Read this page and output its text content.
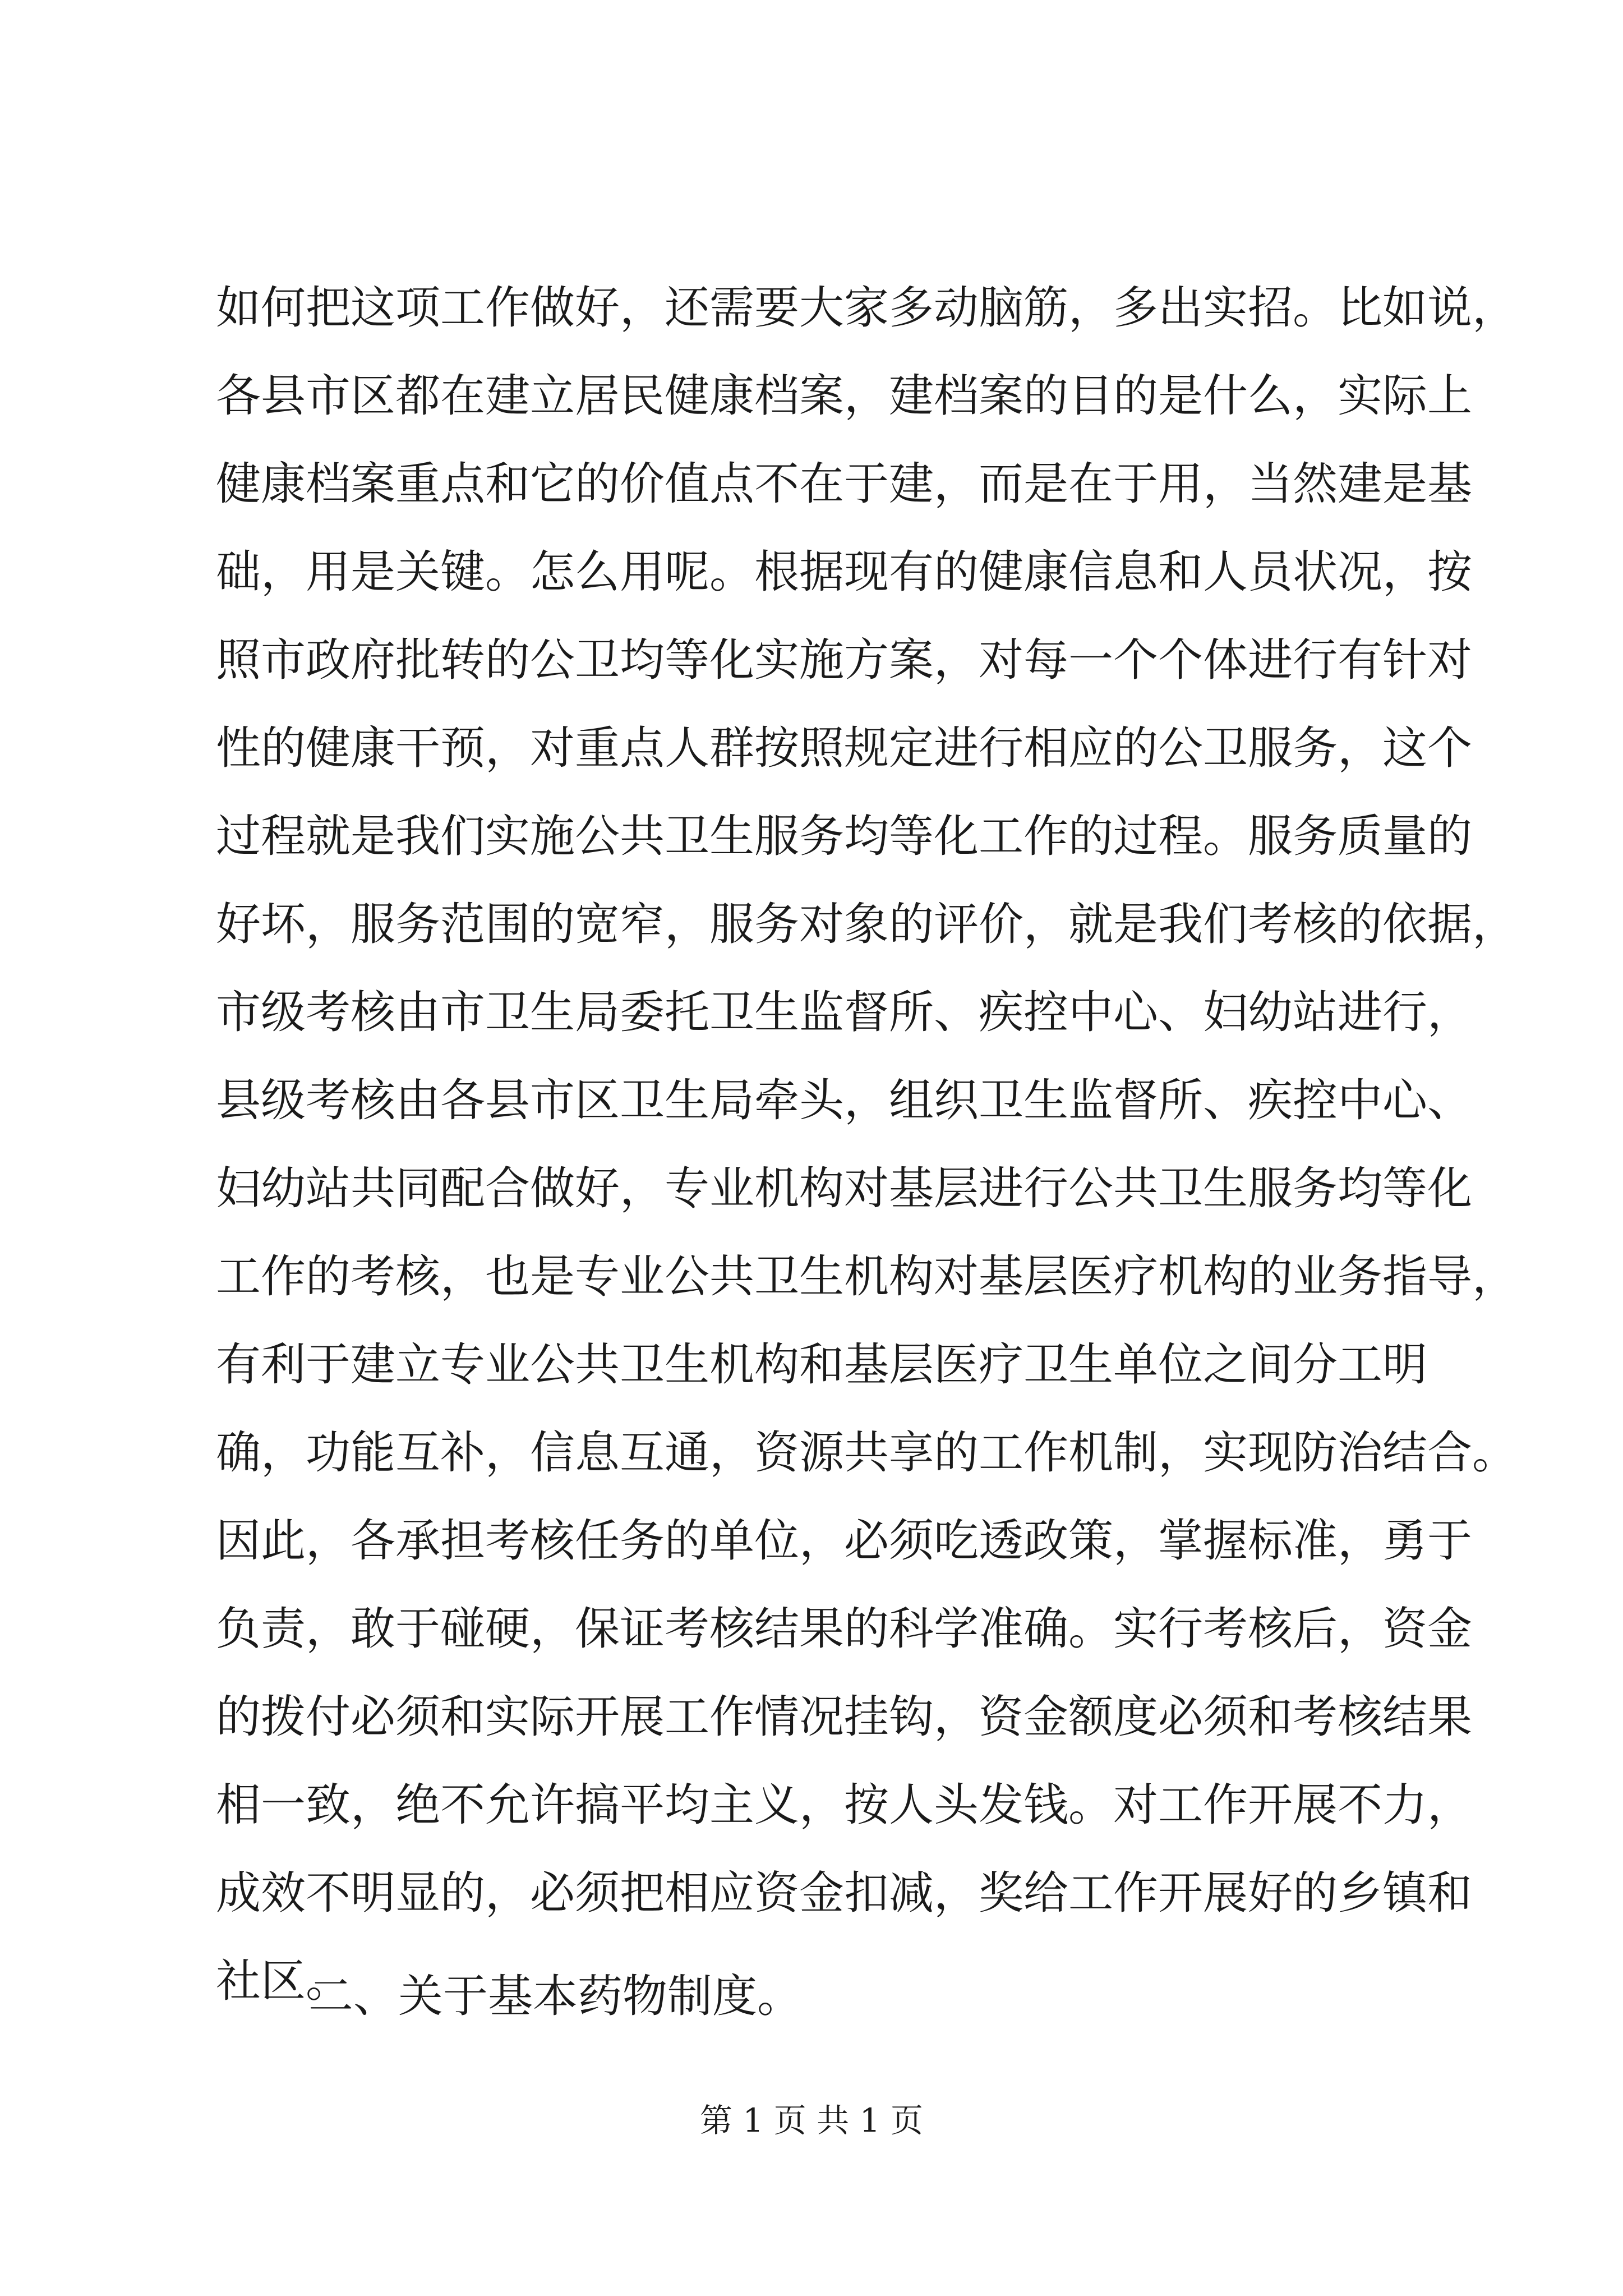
如何把这项工作做好，还需要大家多动脑筋，多出实招。比如说，
各县市区都在建立居民健康档案，建档案的目的是什么，实际上
健康档案重点和它的价值点不在于建，而是在于用，当然建是基
础，用是关键。怎么用呢。根据现有的健康信息和人员状况，按
照市政府批转的公卫均等化实施方案，对每一个个体进行有针对
性的健康干预，对重点人群按照规定进行相应的公卫服务，这个
过程就是我们实施公共卫生服务均等化工作的过程。服务质量的
好坏，服务范围的宽窄，服务对象的评价，就是我们考核的依据，
市级考核由市卫生局委托卫生监督所、疾控中心、妇幼站进行，
县级考核由各县市区卫生局牵头，组织卫生监督所、疾控中心、
妇幼站共同配合做好，专业机构对基层进行公共卫生服务均等化
工作的考核，也是专业公共卫生机构对基层医疗机构的业务指导，
有利于建立专业公共卫生机构和基层医疗卫生单位之间分工明
确，功能互补，信息互通，资源共享的工作机制，实现防治结合。
因此，各承担考核任务的单位，必须吃透政策，掌握标准，勇于
负责，敢于碰硬，保证考核结果的科学准确。实行考核后，资金
的拨付必须和实际开展工作情况挂钩，资金额度必须和考核结果
相一致，绝不允许搞平均主义，按人头发钱。对工作开展不力，
成效不明显的，必须把相应资金扣减，奖给工作开展好的乡镇和
社区。
二、关于基本药物制度。
第 1 页 共 1 页
